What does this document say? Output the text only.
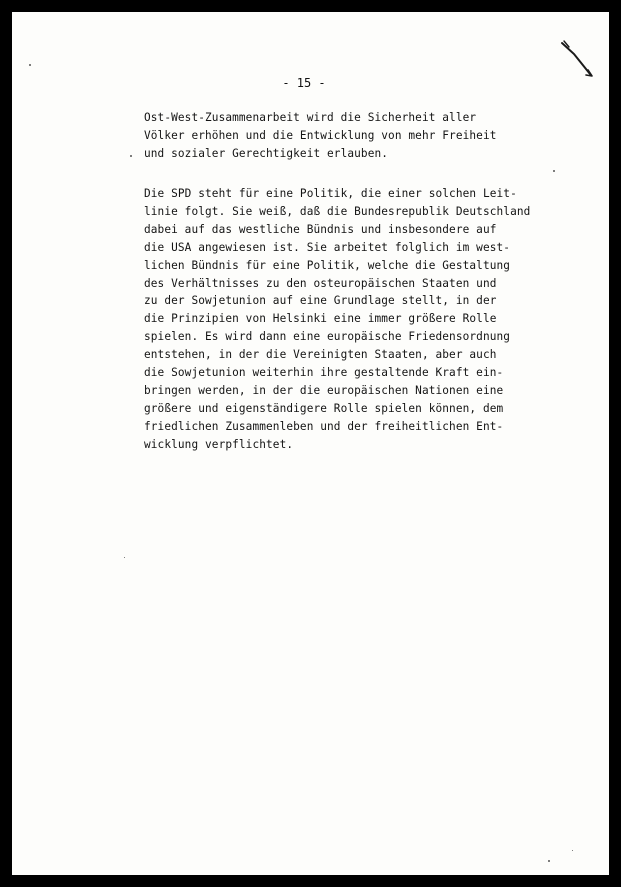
- 15 -

Ost-West-Zusammenarbeit wird die Sicherheit aller
Völker erhöhen und die Entwicklung von mehr Freiheit
und sozialer Gerechtigkeit erlauben.

Die SPD steht für eine Politik, die einer solchen Leit-
linie folgt. Sie weiß, daß die Bundesrepublik Deutschland
dabei auf das westliche Bündnis und insbesondere auf
die USA angewiesen ist. Sie arbeitet folglich im west-
lichen Bündnis für eine Politik, welche die Gestaltung
des Verhältnisses zu den osteuropäischen Staaten und
zu der Sowjetunion auf eine Grundlage stellt, in der
die Prinzipien von Helsinki eine immer größere Rolle
spielen. Es wird dann eine europäische Friedensordnung
entstehen, in der die Vereinigten Staaten, aber auch
die Sowjetunion weiterhin ihre gestaltende Kraft ein-
bringen werden, in der die europäischen Nationen eine
größere und eigenständigere Rolle spielen können, dem
friedlichen Zusammenleben und der freiheitlichen Ent-
wicklung verpflichtet.
